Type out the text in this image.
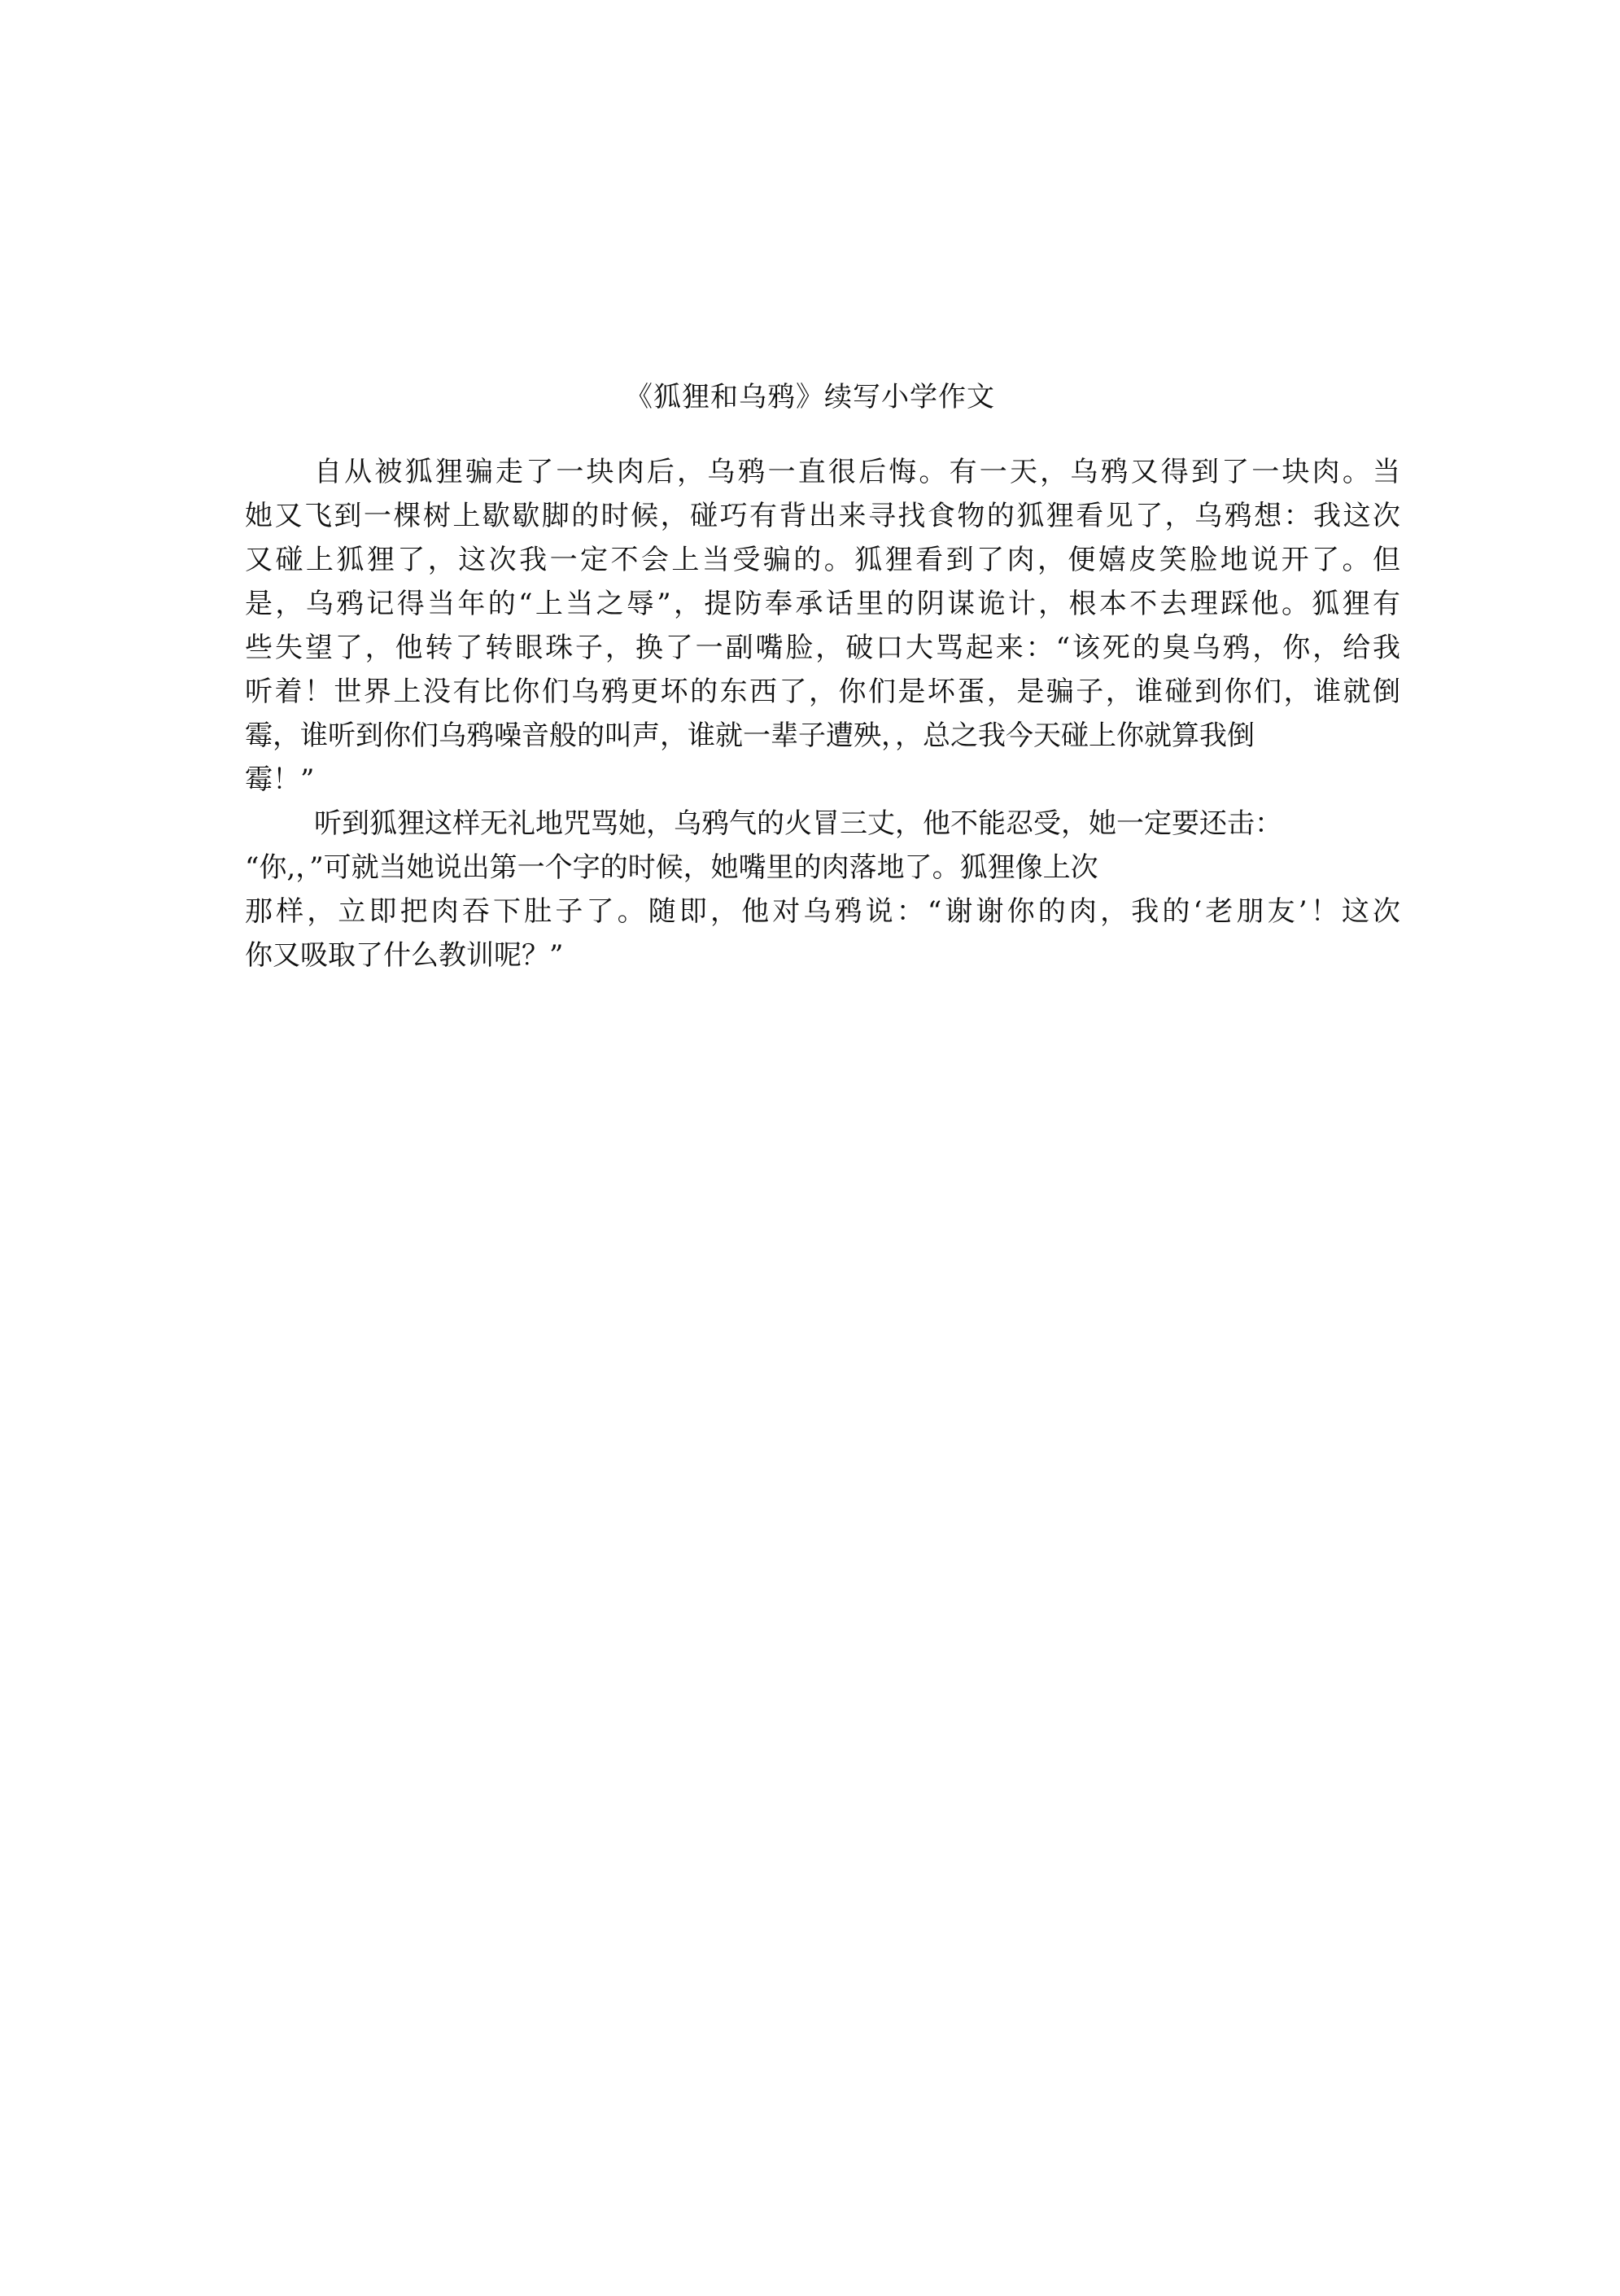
《狐狸和乌鸦》续写小学作文
自从被狐狸骗走了一块肉后，乌鸦一直很后悔。有一天，乌鸦又得到了一块肉。当
她又飞到一棵树上歇歇脚的时候，碰巧有背出来寻找食物的狐狸看见了，乌鸦想：我这次
又碰上狐狸了，这次我一定不会上当受骗的。狐狸看到了肉，便嬉皮笑脸地说开了。但
是，乌鸦记得当年的“上当之辱”，提防奉承话里的阴谋诡计，根本不去理踩他。狐狸有
些失望了，他转了转眼珠子，换了一副嘴脸，破口大骂起来：“该死的臭乌鸦，你，给我
听着！世界上没有比你们乌鸦更坏的东西了，你们是坏蛋，是骗子，谁碰到你们，谁就倒
霉，谁听到你们乌鸦噪音般的叫声，谁就一辈子遭殃，，总之我今天碰上你就算我倒
霉！”
听到狐狸这样无礼地咒骂她，乌鸦气的火冒三丈，他不能忍受，她一定要还击：
“你,，”可就当她说出第一个字的时候，她嘴里的肉落地了。狐狸像上次
那样，立即把肉吞下肚子了。随即，他对乌鸦说：“谢谢你的肉，我的‘老朋友’！这次
你又吸取了什么教训呢？”
